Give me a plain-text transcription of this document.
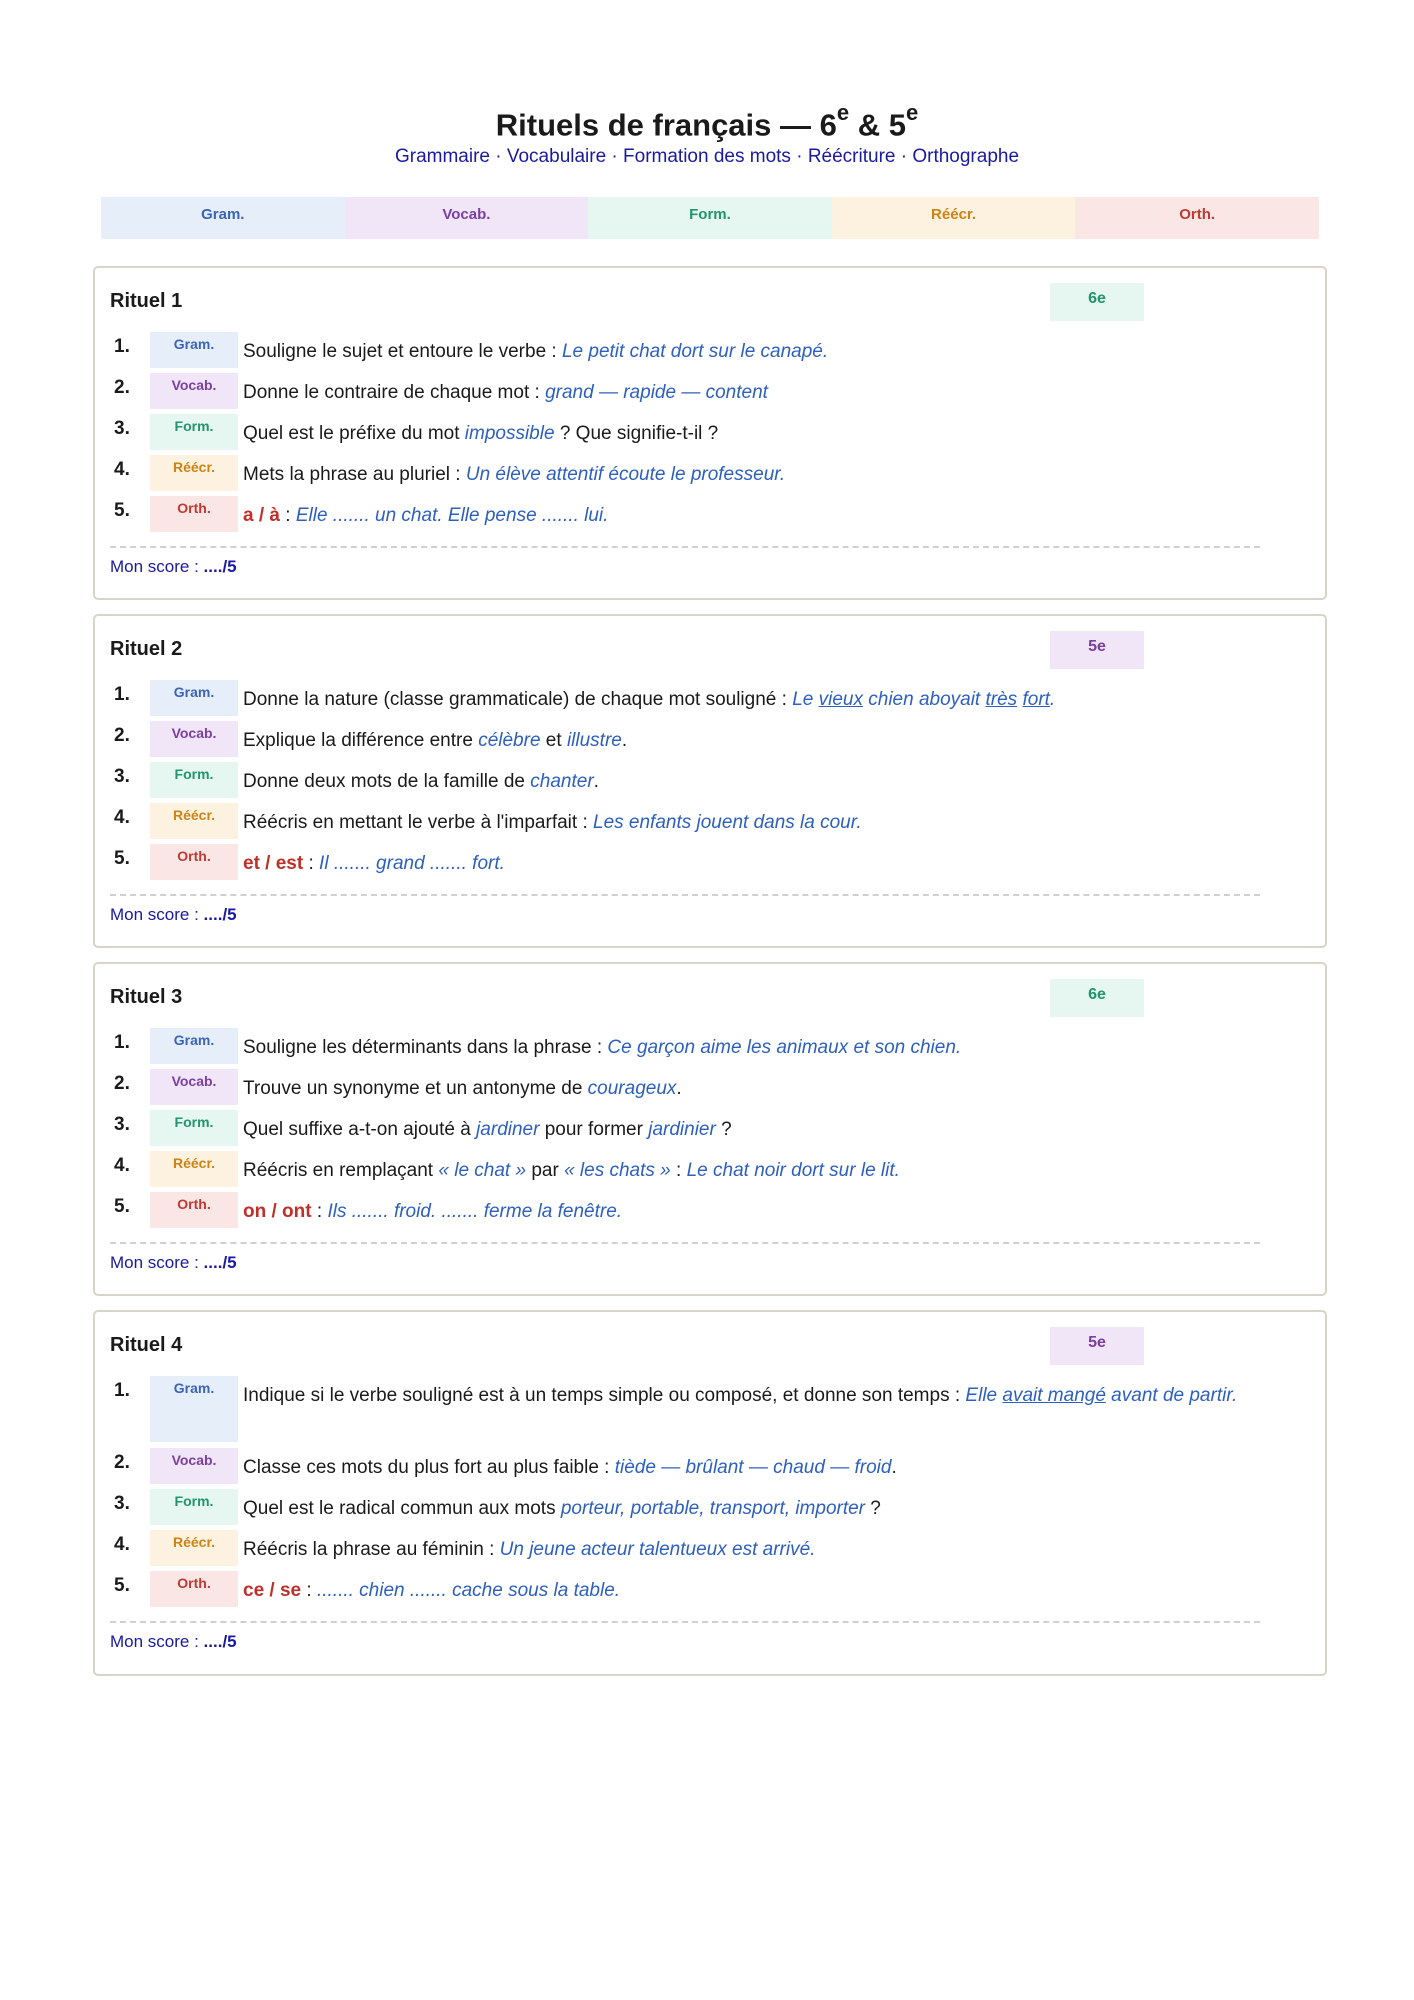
Rituels de français — 6e & 5e
Grammaire · Vocabulaire · Formation des mots · Réécriture · Orthographe
Gram.	Vocab.	Form.	Réécr.	Orth.
Rituel 1	6e
1.	Gram.	Souligne le sujet et entoure le verbe : Le petit chat dort sur le canapé.
2.	Vocab.	Donne le contraire de chaque mot : grand — rapide — content
3.	Form.	Quel est le préfixe du mot impossible ? Que signifie-t-il ?
4.	Réécr.	Mets la phrase au pluriel : Un élève attentif écoute le professeur.
5.	Orth.	a / à : Elle ....... un chat. Elle pense ....... lui.
Mon score : ..../5
Rituel 2	5e
1.	Gram.	Donne la nature (classe grammaticale) de chaque mot souligné : Le vieux chien aboyait très fort.
2.	Vocab.	Explique la différence entre célèbre et illustre.
3.	Form.	Donne deux mots de la famille de chanter.
4.	Réécr.	Réécris en mettant le verbe à l'imparfait : Les enfants jouent dans la cour.
5.	Orth.	et / est : Il ....... grand ....... fort.
Mon score : ..../5
Rituel 3	6e
1.	Gram.	Souligne les déterminants dans la phrase : Ce garçon aime les animaux et son chien.
2.	Vocab.	Trouve un synonyme et un antonyme de courageux.
3.	Form.	Quel suffixe a-t-on ajouté à jardiner pour former jardinier ?
4.	Réécr.	Réécris en remplaçant « le chat » par « les chats » : Le chat noir dort sur le lit.
5.	Orth.	on / ont : Ils ....... froid. ....... ferme la fenêtre.
Mon score : ..../5
Rituel 4	5e
1.	Gram.	Indique si le verbe souligné est à un temps simple ou composé, et donne son temps : Elle avait mangé avant de partir.
2.	Vocab.	Classe ces mots du plus fort au plus faible : tiède — brûlant — chaud — froid.
3.	Form.	Quel est le radical commun aux mots porteur, portable, transport, importer ?
4.	Réécr.	Réécris la phrase au féminin : Un jeune acteur talentueux est arrivé.
5.	Orth.	ce / se : ....... chien ....... cache sous la table.
Mon score : ..../5
